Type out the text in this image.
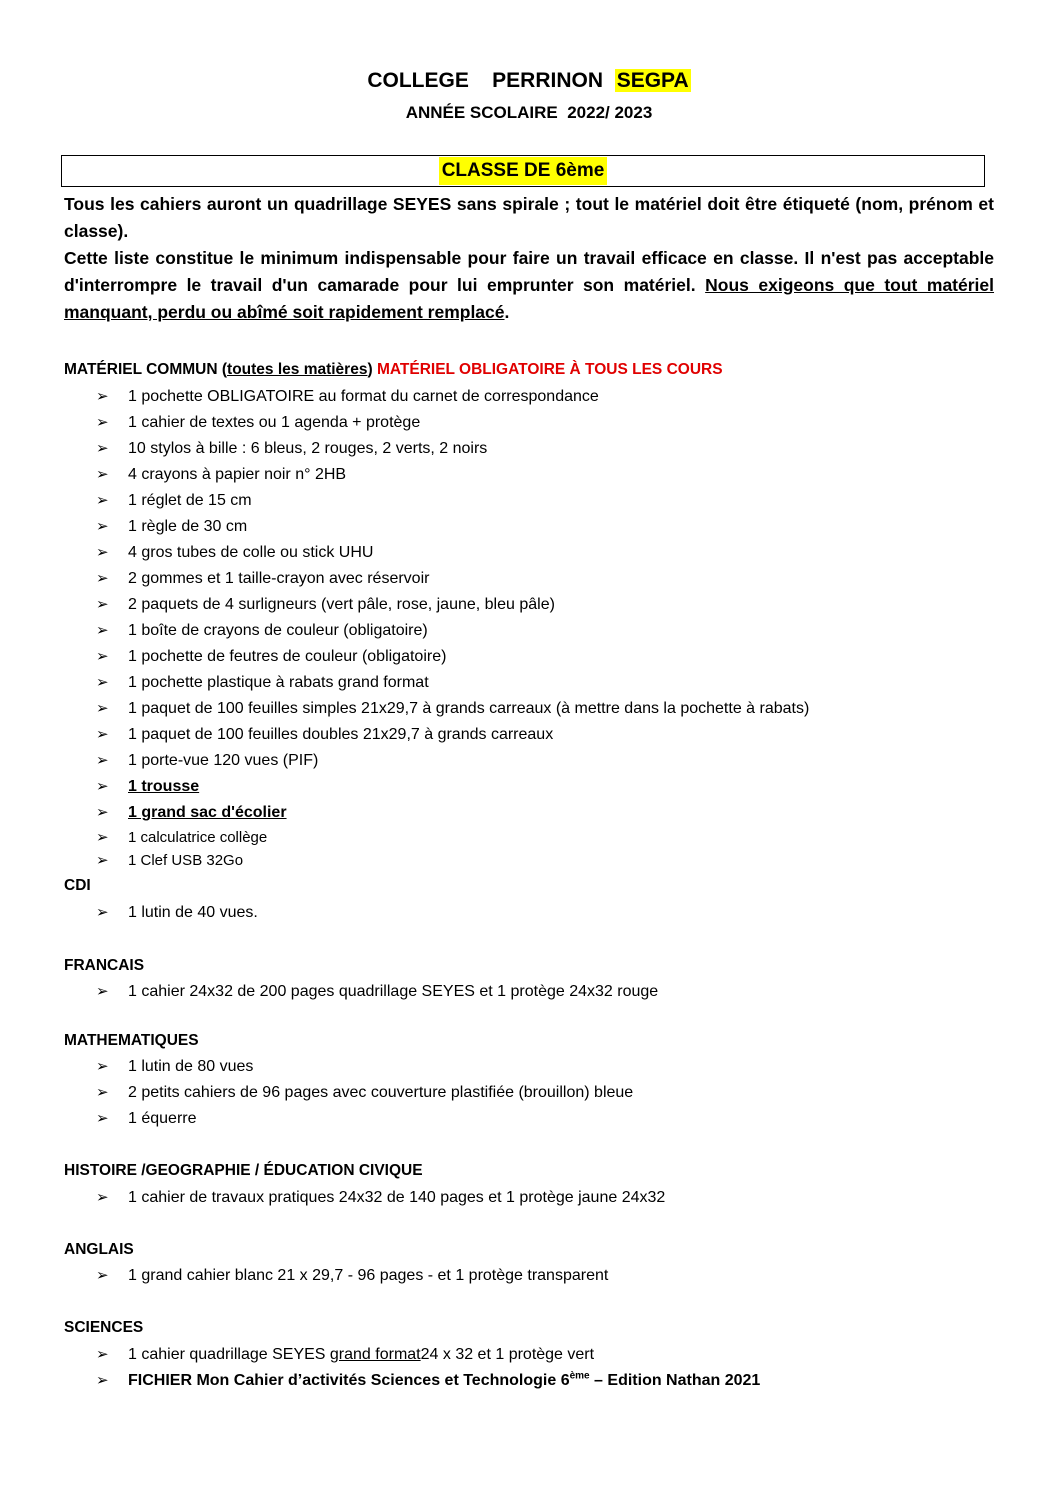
COLLEGE    PERRINON  SEGPA
ANNÉE SCOLAIRE  2022/ 2023
CLASSE DE 6ème

Tous les cahiers auront un quadrillage SEYES sans spirale ; tout le matériel doit être étiqueté (nom, prénom et classe).

Cette liste constitue le minimum indispensable pour faire un travail efficace en classe. Il n'est pas acceptable d'interrompre le travail d'un camarade pour lui emprunter son matériel. Nous exigeons que tout matériel manquant, perdu ou abîmé soit rapidement remplacé.

MATÉRIEL COMMUN (toutes les matières) MATÉRIEL OBLIGATOIRE À TOUS LES COURS
➢ 1 pochette OBLIGATOIRE au format du carnet de correspondance
➢ 1 cahier de textes ou 1 agenda + protège
➢ 10 stylos à bille : 6 bleus, 2 rouges, 2 verts, 2 noirs
➢ 4 crayons à papier noir n° 2HB
➢ 1 réglet de 15 cm
➢ 1 règle de 30 cm
➢ 4 gros tubes de colle ou stick UHU
➢ 2 gommes et 1 taille-crayon avec réservoir
➢ 2 paquets de 4 surligneurs (vert pâle, rose, jaune, bleu pâle)
➢ 1 boîte de crayons de couleur (obligatoire)
➢ 1 pochette de feutres de couleur (obligatoire)
➢ 1 pochette plastique à rabats grand format
➢ 1 paquet de 100 feuilles simples 21x29,7 à grands carreaux (à mettre dans la pochette à rabats)
➢ 1 paquet de 100 feuilles doubles 21x29,7 à grands carreaux
➢ 1 porte-vue 120 vues (PIF)
➢ 1 trousse
➢ 1 grand sac d'écolier
➢ 1 calculatrice collège
➢ 1 Clef USB 32Go
CDI
➢ 1 lutin de 40 vues.
FRANCAIS
➢ 1 cahier 24x32 de 200 pages quadrillage SEYES et 1 protège 24x32 rouge
MATHEMATIQUES
➢ 1 lutin de 80 vues
➢ 2 petits cahiers de 96 pages avec couverture plastifiée (brouillon) bleue
➢ 1 équerre
HISTOIRE /GEOGRAPHIE / ÉDUCATION CIVIQUE
➢ 1 cahier de travaux pratiques 24x32 de 140 pages et 1 protège jaune 24x32
ANGLAIS
➢ 1 grand cahier blanc 21 x 29,7 - 96 pages - et 1 protège transparent
SCIENCES
➢ 1 cahier quadrillage SEYES grand format24 x 32 et 1 protège vert
➢ FICHIER Mon Cahier d’activités Sciences et Technologie 6ème – Edition Nathan 2021
